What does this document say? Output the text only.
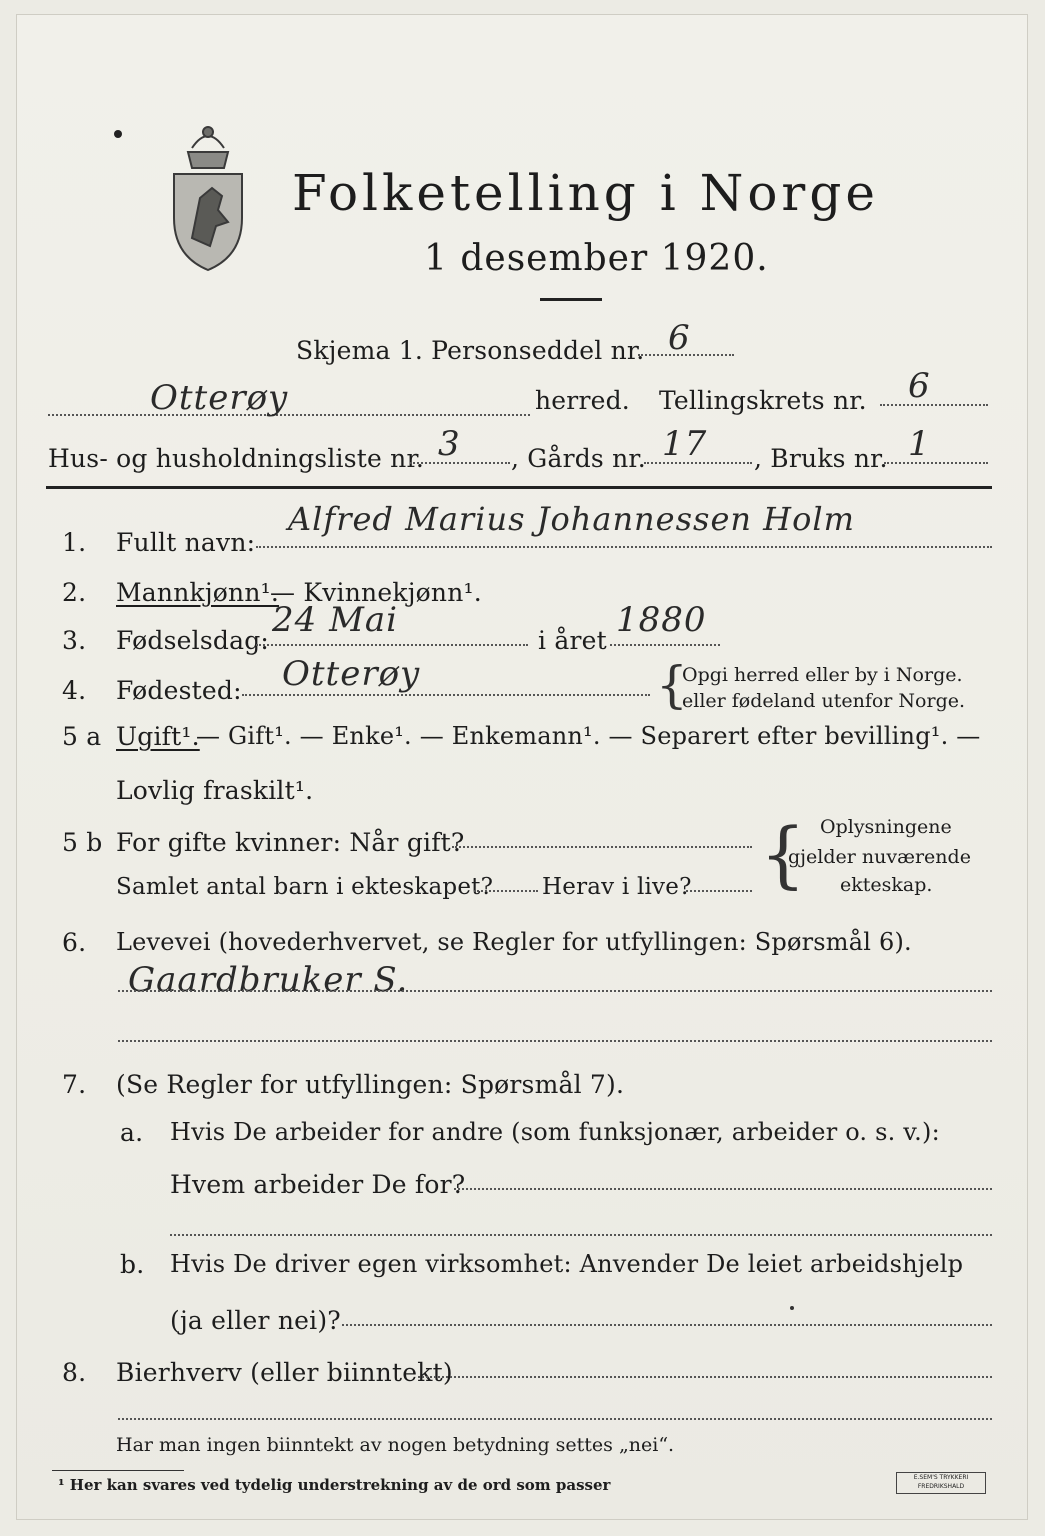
Folketelling i Norge
1 desember 1920.
Skjema 1. Personseddel nr. 6
Otterøy	herred. Tellingskrets nr. 6
Hus- og husholdningsliste nr. 3 , Gårds nr. 17 , Bruks nr. 1
1. Fullt navn:
Alfred Marius Johannessen Holm
2. Mannkjønn¹.
— Kvinnekjønn¹.
3. Fødselsdag:
24 Mai
i året
1880
4. Fødested: Otterøy	{
Opgi herred eller by i Norge.
eller fødeland utenfor Norge.
5 a Ugift¹.
— Gift¹. — Enke¹. — Enkemann¹. — Separert efter bevilling¹. —
Lovlig fraskilt¹.
5 b For gifte kvinner: Når gift?
Samlet antal barn i ekteskapet? Herav i live? { Oplysningene
gjelder nuværende
ekteskap.
6. Levevei (hovederhvervet, se Regler for utfyllingen: Spørsmål 6).
Gaardbruker S.
7. (Se Regler for utfyllingen: Spørsmål 7).
a. Hvis De arbeider for andre (som funksjonær, arbeider o. s. v.):
Hvem arbeider De for?
b. Hvis De driver egen virksomhet: Anvender De leiet arbeidshjelp
(ja eller nei)?
8. Bierhverv (eller biinntekt)
Har man ingen biinntekt av nogen betydning settes „nei“.
¹ Her kan svares ved tydelig understrekning av de ord som passer	E.SEM'S TRYKKERI FREDRIKSHALD
